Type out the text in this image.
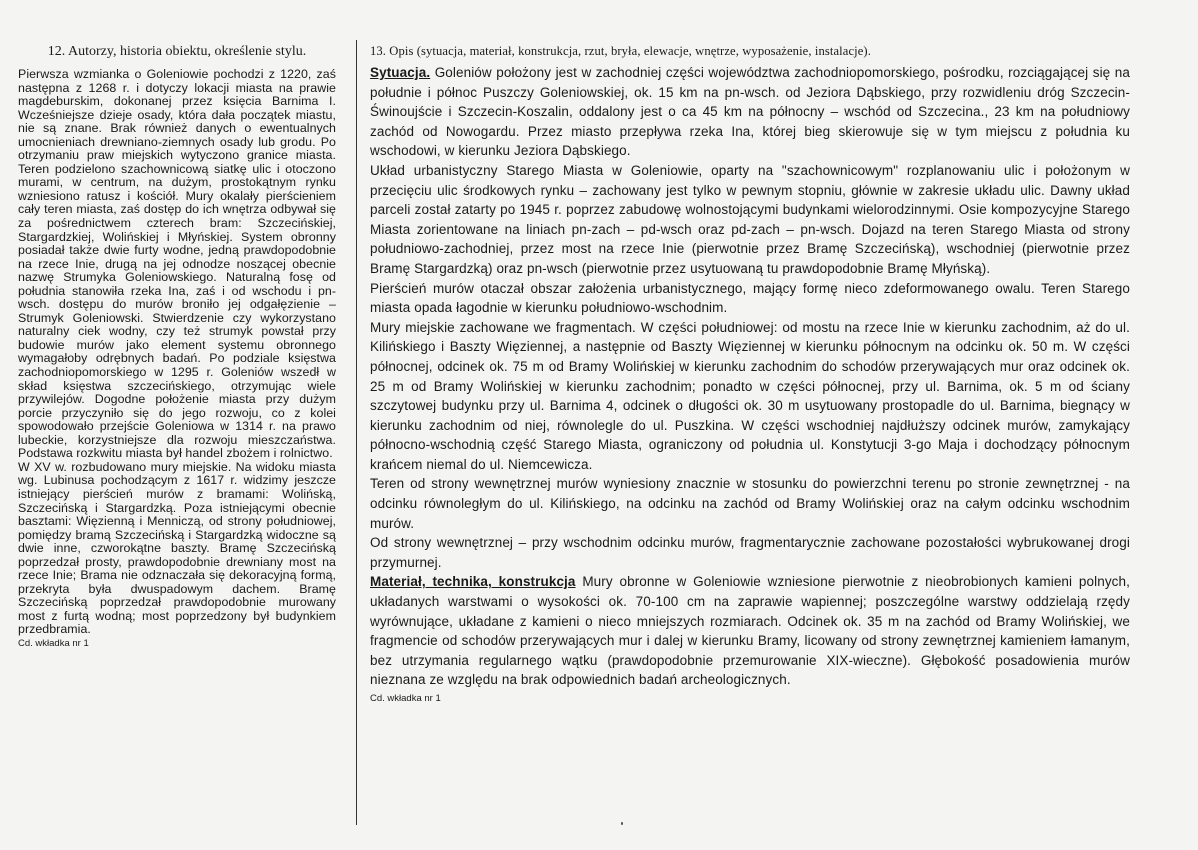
12. Autorzy, historia obiektu, określenie stylu.

Pierwsza wzmianka o Goleniowie pochodzi z 1220, zaś następna z 1268 r. i dotyczy lokacji miasta na prawie magdeburskim, dokonanej przez księcia Barnima I. Wcześniejsze dzieje osady, która dała początek miastu, nie są znane. Brak również danych o ewentualnych umocnieniach drewniano-ziemnych osady lub grodu. Po otrzymaniu praw miejskich wytyczono granice miasta. Teren podzielono szachownicową siatkę ulic i otoczono murami, w centrum, na dużym, prostokątnym rynku wzniesiono ratusz i kościół. Mury okalały pierścieniem cały teren miasta, zaś dostęp do ich wnętrza odbywał się za pośrednictwem czterech bram: Szczecińskiej, Stargardzkiej, Wolińskiej i Młyńskiej. System obronny posiadał także dwie furty wodne, jedną prawdopodobnie na rzece Inie, drugą na jej odnodze noszącej obecnie nazwę Strumyka Goleniowskiego. Naturalną fosę od południa stanowiła rzeka Ina, zaś i od wschodu i pn-wsch. dostępu do murów broniło jej odgałęzienie – Strumyk Goleniowski. Stwierdzenie czy wykorzystano naturalny ciek wodny, czy też strumyk powstał przy budowie murów jako element systemu obronnego wymagałoby odrębnych badań. Po podziale księstwa zachodniopomorskiego w 1295 r. Goleniów wszedł w skład księstwa szczecińskiego, otrzymując wiele przywilejów. Dogodne położenie miasta przy dużym porcie przyczyniło się do jego rozwoju, co z kolei spowodowało przejście Goleniowa w 1314 r. na prawo lubeckie, korzystniejsze dla rozwoju mieszczaństwa. Podstawa rozkwitu miasta był handel zbożem i rolnictwo.

W XV w. rozbudowano mury miejskie. Na widoku miasta wg. Lubinusa pochodzącym z 1617 r. widzimy jeszcze istniejący pierścień murów z bramami: Wolińską, Szczecińską i Stargardzką. Poza istniejącymi obecnie basztami: Więzienną i Menniczą, od strony południowej, pomiędzy bramą Szczecińską i Stargardzką widoczne są dwie inne, czworokątne baszty. Bramę Szczecińską poprzedzał prosty, prawdopodobnie drewniany most na rzece Inie; Brama nie odznaczała się dekoracyjną formą, przekryta była dwuspadowym dachem. Bramę Szczecińską poprzedzał prawdopodobnie murowany most z furtą wodną; most poprzedzony był budynkiem przedbramia.

Cd. wkładka nr 1
13. Opis (sytuacja, materiał, konstrukcja, rzut, bryła, elewacje, wnętrze, wyposażenie, instalacje).

Sytuacja. Goleniów położony jest w zachodniej części województwa zachodniopomorskiego, pośrodku, rozciągającej się na południe i północ Puszczy Goleniowskiej, ok. 15 km na pn-wsch. od Jeziora Dąbskiego, przy rozwidleniu dróg Szczecin-Świnoujście i Szczecin-Koszalin, oddalony jest o ca 45 km na północny – wschód od Szczecina., 23 km na południowy zachód od Nowogardu. Przez miasto przepływa rzeka Ina, której bieg skierowuje się w tym miejscu z południa ku wschodowi, w kierunku Jeziora Dąbskiego.

Układ urbanistyczny Starego Miasta w Goleniowie, oparty na "szachownicowym" rozplanowaniu ulic i położonym w przecięciu ulic środkowych rynku – zachowany jest tylko w pewnym stopniu, głównie w zakresie układu ulic. Dawny układ parceli został zatarty po 1945 r. poprzez zabudowę wolnostojącymi budynkami wielorodzinnymi. Osie kompozycyjne Starego Miasta zorientowane na liniach pn-zach – pd-wsch oraz pd-zach – pn-wsch. Dojazd na teren Starego Miasta od strony południowo-zachodniej, przez most na rzece Inie (pierwotnie przez Bramę Szczecińską), wschodniej (pierwotnie przez Bramę Stargardzką) oraz pn-wsch (pierwotnie przez usytuowaną tu prawdopodobnie Bramę Młyńską).

Pierścień murów otaczał obszar założenia urbanistycznego, mający formę nieco zdeformowanego owalu. Teren Starego miasta opada łagodnie w kierunku południowo-wschodnim.

Mury miejskie zachowane we fragmentach. W części południowej: od mostu na rzece Inie w kierunku zachodnim, aż do ul. Kilińskiego i Baszty Więziennej, a następnie od Baszty Więziennej w kierunku północnym na odcinku ok. 50 m. W części północnej, odcinek ok. 75 m od Bramy Wolińskiej w kierunku zachodnim do schodów przerywających mur oraz odcinek ok. 25 m od Bramy Wolińskiej w kierunku zachodnim; ponadto w części północnej, przy ul. Barnima, ok. 5 m od ściany szczytowej budynku przy ul. Barnima 4, odcinek o długości ok. 30 m usytuowany prostopadle do ul. Barnima, biegnący w kierunku zachodnim od niej, równolegle do ul. Puszkina. W części wschodniej najdłuższy odcinek murów, zamykający północno-wschodnią część Starego Miasta, ograniczony od południa ul. Konstytucji 3-go Maja i dochodzący północnym krańcem niemal do ul. Niemcewicza.

Teren od strony wewnętrznej murów wyniesiony znacznie w stosunku do powierzchni terenu po stronie zewnętrznej - na odcinku równoległym do ul. Kilińskiego, na odcinku na zachód od Bramy Wolińskiej oraz na całym odcinku wschodnim murów.

Od strony wewnętrznej – przy wschodnim odcinku murów, fragmentarycznie zachowane pozostałości wybrukowanej drogi przymurnej.

Materiał, technika, konstrukcja Mury obronne w Goleniowie wzniesione pierwotnie z nieobrobionych kamieni polnych, układanych warstwami o wysokości ok. 70-100 cm na zaprawie wapiennej; poszczególne warstwy oddzielają rzędy wyrównujące, układane z kamieni o nieco mniejszych rozmiarach. Odcinek ok. 35 m na zachód od Bramy Wolińskiej, we fragmencie od schodów przerywających mur i dalej w kierunku Bramy, licowany od strony zewnętrznej kamieniem łamanym, bez utrzymania regularnego wątku (prawdopodobnie przemurowanie XIX-wieczne). Głębokość posadowienia murów nieznana ze względu na brak odpowiednich badań archeologicznych.

Cd. wkładka nr 1
